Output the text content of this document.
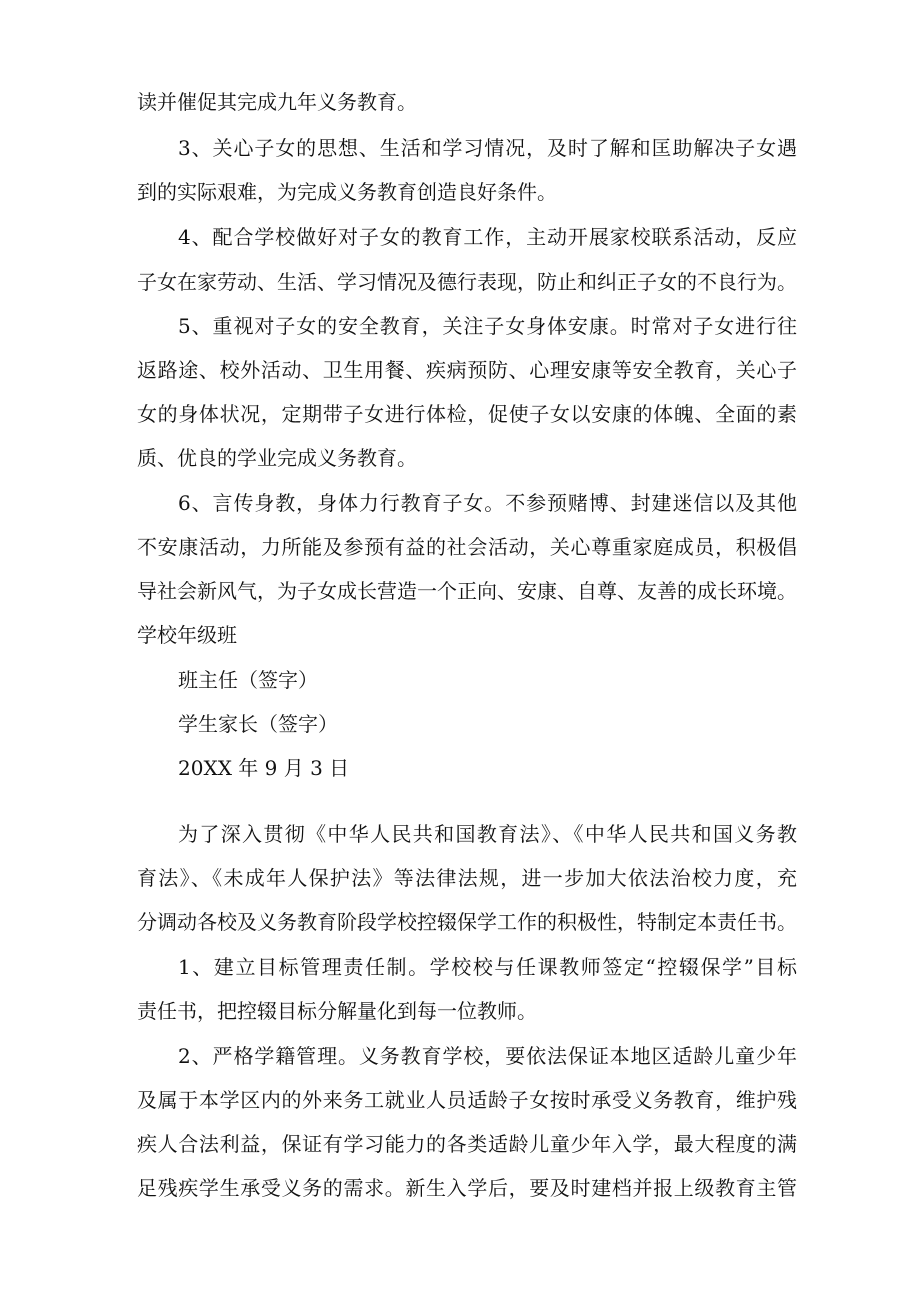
读并催促其完成九年义务教育。
3、关心子女的思想、生活和学习情况，及时了解和匡助解决子女遇
到的实际艰难，为完成义务教育创造良好条件。
4、配合学校做好对子女的教育工作，主动开展家校联系活动，反应
子女在家劳动、生活、学习情况及德行表现，防止和纠正子女的不良行为。
5、重视对子女的安全教育，关注子女身体安康。时常对子女进行往
返路途、校外活动、卫生用餐、疾病预防、心理安康等安全教育，关心子
女的身体状况，定期带子女进行体检，促使子女以安康的体魄、全面的素
质、优良的学业完成义务教育。
6、言传身教，身体力行教育子女。不参预赌博、封建迷信以及其他
不安康活动，力所能及参预有益的社会活动，关心尊重家庭成员，积极倡
导社会新风气，为子女成长营造一个正向、安康、自尊、友善的成长环境。
学校年级班
班主任（签字）
学生家长（签字）
20XX 年 9 月 3 日
为了深入贯彻《中华人民共和国教育法》、《中华人民共和国义务教
育法》、《未成年人保护法》等法律法规，进一步加大依法治校力度，充
分调动各校及义务教育阶段学校控辍保学工作的积极性，特制定本责任书。
1、建立目标管理责任制。学校校与任课教师签定“控辍保学”目标
责任书，把控辍目标分解量化到每一位教师。
2、严格学籍管理。义务教育学校，要依法保证本地区适龄儿童少年
及属于本学区内的外来务工就业人员适龄子女按时承受义务教育，维护残
疾人合法利益，保证有学习能力的各类适龄儿童少年入学，最大程度的满
足残疾学生承受义务的需求。新生入学后，要及时建档并报上级教育主管
